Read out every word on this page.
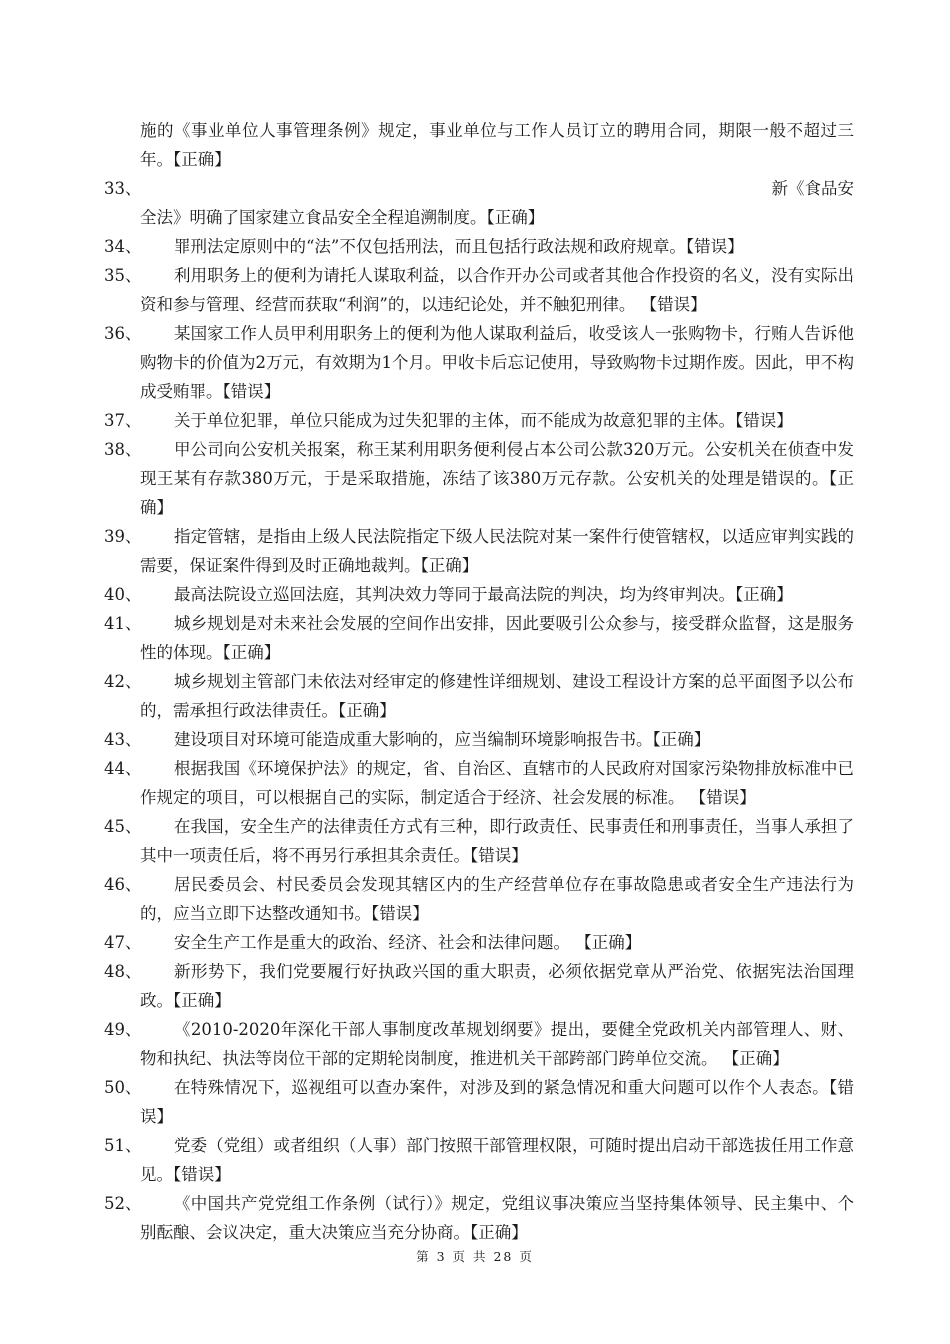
施的《事业单位人事管理条例》规定，事业单位与工作人员订立的聘用合同，期限一般不超过三年。【正确】
33、	新《食品安
全法》明确了国家建立食品安全全程追溯制度。【正确】
34、	罪刑法定原则中的“法”不仅包括刑法，而且包括行政法规和政府规章。【错误】
35、	利用职务上的便利为请托人谋取利益，以合作开办公司或者其他合作投资的名义，没有实际出资和参与管理、经营而获取“利润”的，以违纪论处，并不触犯刑律。 【错误】
36、	某国家工作人员甲利用职务上的便利为他人谋取利益后，收受该人一张购物卡，行贿人告诉他购物卡的价值为2万元，有效期为1个月。甲收卡后忘记使用，导致购物卡过期作废。因此，甲不构成受贿罪。【错误】
37、	关于单位犯罪，单位只能成为过失犯罪的主体，而不能成为故意犯罪的主体。【错误】
38、	甲公司向公安机关报案，称王某利用职务便利侵占本公司公款320万元。公安机关在侦查中发现王某有存款380万元，于是采取措施，冻结了该380万元存款。公安机关的处理是错误的。【正确】
39、	指定管辖，是指由上级人民法院指定下级人民法院对某一案件行使管辖权，以适应审判实践的需要，保证案件得到及时正确地裁判。【正确】
40、	最高法院设立巡回法庭，其判决效力等同于最高法院的判决，均为终审判决。【正确】
41、	城乡规划是对未来社会发展的空间作出安排，因此要吸引公众参与，接受群众监督，这是服务性的体现。【正确】
42、	城乡规划主管部门未依法对经审定的修建性详细规划、建设工程设计方案的总平面图予以公布的，需承担行政法律责任。【正确】
43、	建设项目对环境可能造成重大影响的，应当编制环境影响报告书。【正确】
44、	根据我国《环境保护法》的规定，省、自治区、直辖市的人民政府对国家污染物排放标准中已作规定的项目，可以根据自己的实际，制定适合于经济、社会发展的标准。 【错误】
45、	在我国，安全生产的法律责任方式有三种，即行政责任、民事责任和刑事责任，当事人承担了其中一项责任后，将不再另行承担其余责任。【错误】
46、	居民委员会、村民委员会发现其辖区内的生产经营单位存在事故隐患或者安全生产违法行为的，应当立即下达整改通知书。【错误】
47、	安全生产工作是重大的政治、经济、社会和法律问题。 【正确】
48、	新形势下，我们党要履行好执政兴国的重大职责，必须依据党章从严治党、依据宪法治国理政。【正确】
49、	《2010-2020年深化干部人事制度改革规划纲要》提出，要健全党政机关内部管理人、财、物和执纪、执法等岗位干部的定期轮岗制度，推进机关干部跨部门跨单位交流。 【正确】
50、	在特殊情况下，巡视组可以查办案件，对涉及到的紧急情况和重大问题可以作个人表态。【错误】
51、	党委（党组）或者组织（人事）部门按照干部管理权限，可随时提出启动干部选拔任用工作意见。【错误】
52、	《中国共产党党组工作条例（试行）》规定，党组议事决策应当坚持集体领导、民主集中、个别酝酿、会议决定，重大决策应当充分协商。【正确】
第 3 页 共 28 页
